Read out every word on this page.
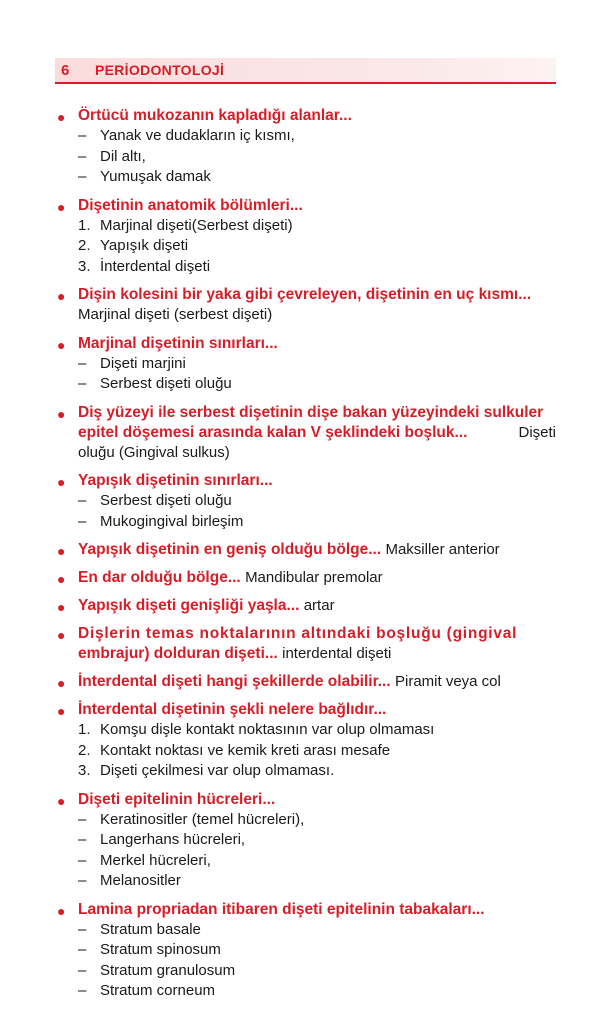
6	PERİODONTOLOJİ
● Örtücü mukozanın kapladığı alanlar...
– Yanak ve dudakların iç kısmı,
– Dil altı,
– Yumuşak damak
● Dişetinin anatomik bölümleri...
1. Marjinal dişeti(Serbest dişeti)
2. Yapışık dişeti
3. İnterdental dişeti
● Dişin kolesini bir yaka gibi çevreleyen, dişetinin en uç kısmı...
Marjinal dişeti (serbest dişeti)
● Marjinal dişetinin sınırları...
– Dişeti marjini
– Serbest dişeti oluğu
● Diş yüzeyi ile serbest dişetinin dişe bakan yüzeyindeki sulkuler
epitel döşemesi arasında kalan V şeklindeki boşluk...	Dişeti
oluğu (Gingival sulkus)
● Yapışık dişetinin sınırları...
– Serbest dişeti oluğu
– Mukogingival birleşim
● Yapışık dişetinin en geniş olduğu bölge... Maksiller anterior
● En dar olduğu bölge... Mandibular premolar
● Yapışık dişeti genişliği yaşla... artar
● Dişlerin temas noktalarının altındaki boşluğu (gingival
embrajur) dolduran dişeti... interdental dişeti
● İnterdental dişeti hangi şekillerde olabilir... Piramit veya col
● İnterdental dişetinin şekli nelere bağlıdır...
1. Komşu dişle kontakt noktasının var olup olmaması
2. Kontakt noktası ve kemik kreti arası mesafe
3. Dişeti çekilmesi var olup olmaması.
● Dişeti epitelinin hücreleri...
– Keratinositler (temel hücreleri),
– Langerhans hücreleri,
– Merkel hücreleri,
– Melanositler
● Lamina propriadan itibaren dişeti epitelinin tabakaları...
– Stratum basale
– Stratum spinosum
– Stratum granulosum
– Stratum corneum
